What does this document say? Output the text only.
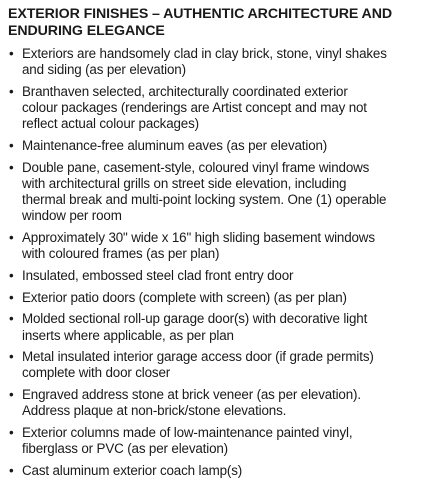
EXTERIOR FINISHES – AUTHENTIC ARCHITECTURE AND
ENDURING ELEGANCE
• Exteriors are handsomely clad in clay brick, stone, vinyl shakes
and siding (as per elevation)
• Branthaven selected, architecturally coordinated exterior
colour packages (renderings are Artist concept and may not
reflect actual colour packages)
• Maintenance-free aluminum eaves (as per elevation)
• Double pane, casement-style, coloured vinyl frame windows
with architectural grills on street side elevation, including
thermal break and multi-point locking system. One (1) operable
window per room
• Approximately 30" wide x 16" high sliding basement windows
with coloured frames (as per plan)
• Insulated, embossed steel clad front entry door
• Exterior patio doors (complete with screen) (as per plan)
• Molded sectional roll-up garage door(s) with decorative light
inserts where applicable, as per plan
• Metal insulated interior garage access door (if grade permits)
complete with door closer
• Engraved address stone at brick veneer (as per elevation).
Address plaque at non-brick/stone elevations.
• Exterior columns made of low-maintenance painted vinyl,
fiberglass or PVC (as per elevation)
• Cast aluminum exterior coach lamp(s)
